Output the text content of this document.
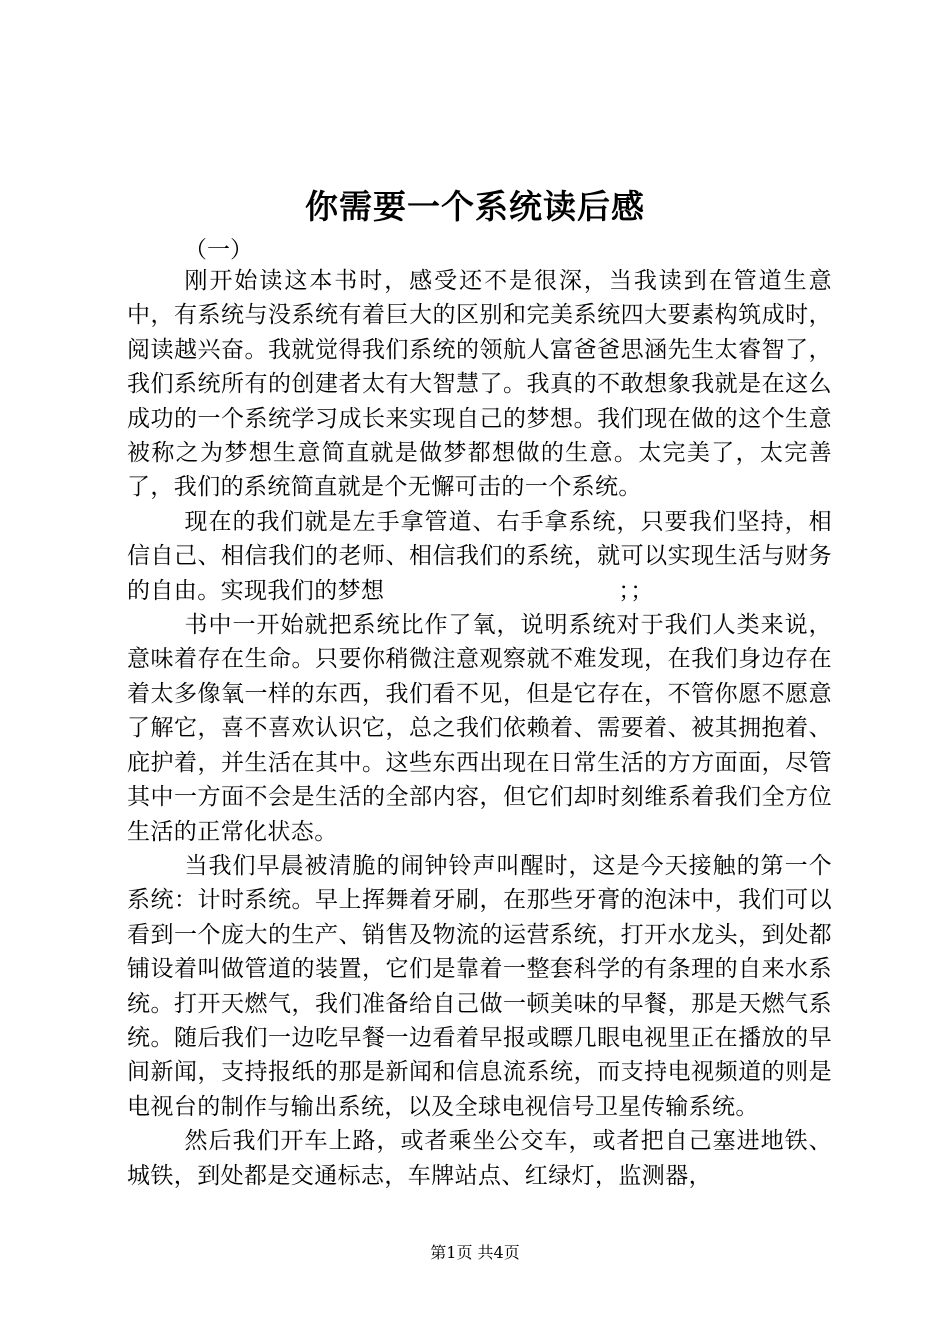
你需要一个系统读后感
（一）

刚开始读这本书时，感受还不是很深，当我读到在管道生意中，有系统与没系统有着巨大的区别和完美系统四大要素构筑成时，阅读越兴奋。我就觉得我们系统的领航人富爸爸思涵先生太睿智了，我们系统所有的创建者太有大智慧了。我真的不敢想象我就是在这么成功的一个系统学习成长来实现自己的梦想。我们现在做的这个生意被称之为梦想生意简直就是做梦都想做的生意。太完美了，太完善了，我们的系统简直就是个无懈可击的一个系统。

现在的我们就是左手拿管道、右手拿系统，只要我们坚持，相信自己、相信我们的老师、相信我们的系统，就可以实现生活与财务的自由。实现我们的梦想　　　　　　　　　　；；

书中一开始就把系统比作了氧，说明系统对于我们人类来说，意味着存在生命。只要你稍微注意观察就不难发现，在我们身边存在着太多像氧一样的东西，我们看不见，但是它存在，不管你愿不愿意了解它，喜不喜欢认识它，总之我们依赖着、需要着、被其拥抱着、庇护着，并生活在其中。这些东西出现在日常生活的方方面面，尽管其中一方面不会是生活的全部内容，但它们却时刻维系着我们全方位生活的正常化状态。

当我们早晨被清脆的闹钟铃声叫醒时，这是今天接触的第一个系统：计时系统。早上挥舞着牙刷，在那些牙膏的泡沫中，我们可以看到一个庞大的生产、销售及物流的运营系统，打开水龙头，到处都铺设着叫做管道的装置，它们是靠着一整套科学的有条理的自来水系统。打开天燃气，我们准备给自己做一顿美味的早餐，那是天燃气系统。随后我们一边吃早餐一边看着早报或瞟几眼电视里正在播放的早间新闻，支持报纸的那是新闻和信息流系统，而支持电视频道的则是电视台的制作与输出系统，以及全球电视信号卫星传输系统。

然后我们开车上路，或者乘坐公交车，或者把自己塞进地铁、城铁，到处都是交通标志，车牌站点、红绿灯，监测器，

第1页 共4页
